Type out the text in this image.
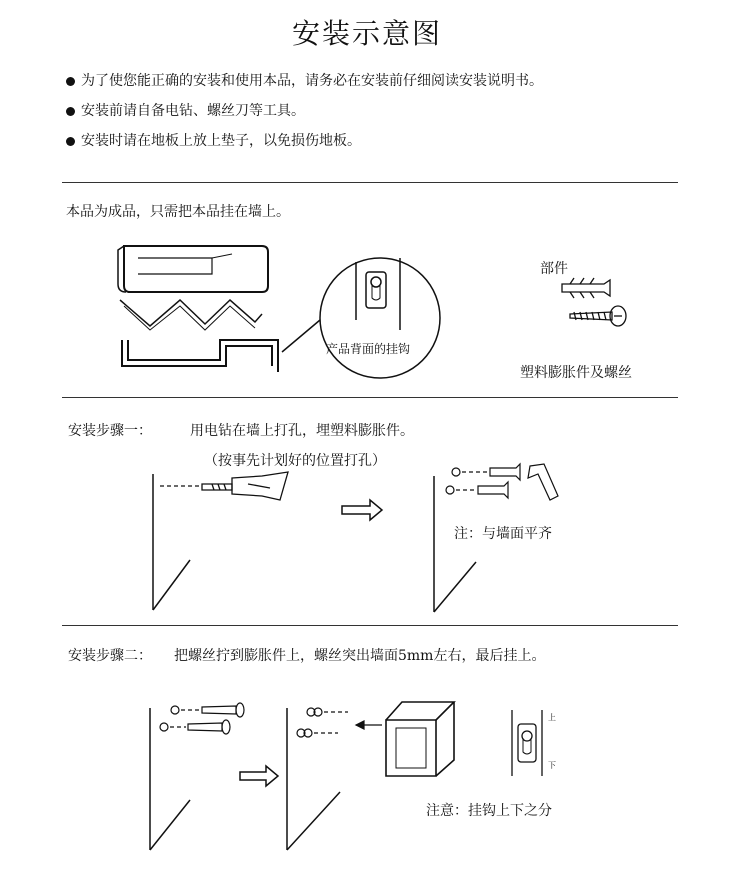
安装示意图
为了使您能正确的安装和使用本品，请务必在安装前仔细阅读安装说明书。
安装前请自备电钻、螺丝刀等工具。
安装时请在地板上放上垫子，以免损伤地板。
本品为成品，只需把本品挂在墙上。
产品背面的挂钩
部件
塑料膨胀件及螺丝
安装步骤一：	用电钻在墙上打孔，埋塑料膨胀件。
（按事先计划好的位置打孔）
注：与墙面平齐
安装步骤二： 把螺丝拧到膨胀件上，螺丝突出墙面5mm左右，最后挂上。
注意：挂钩上下之分
上
下
